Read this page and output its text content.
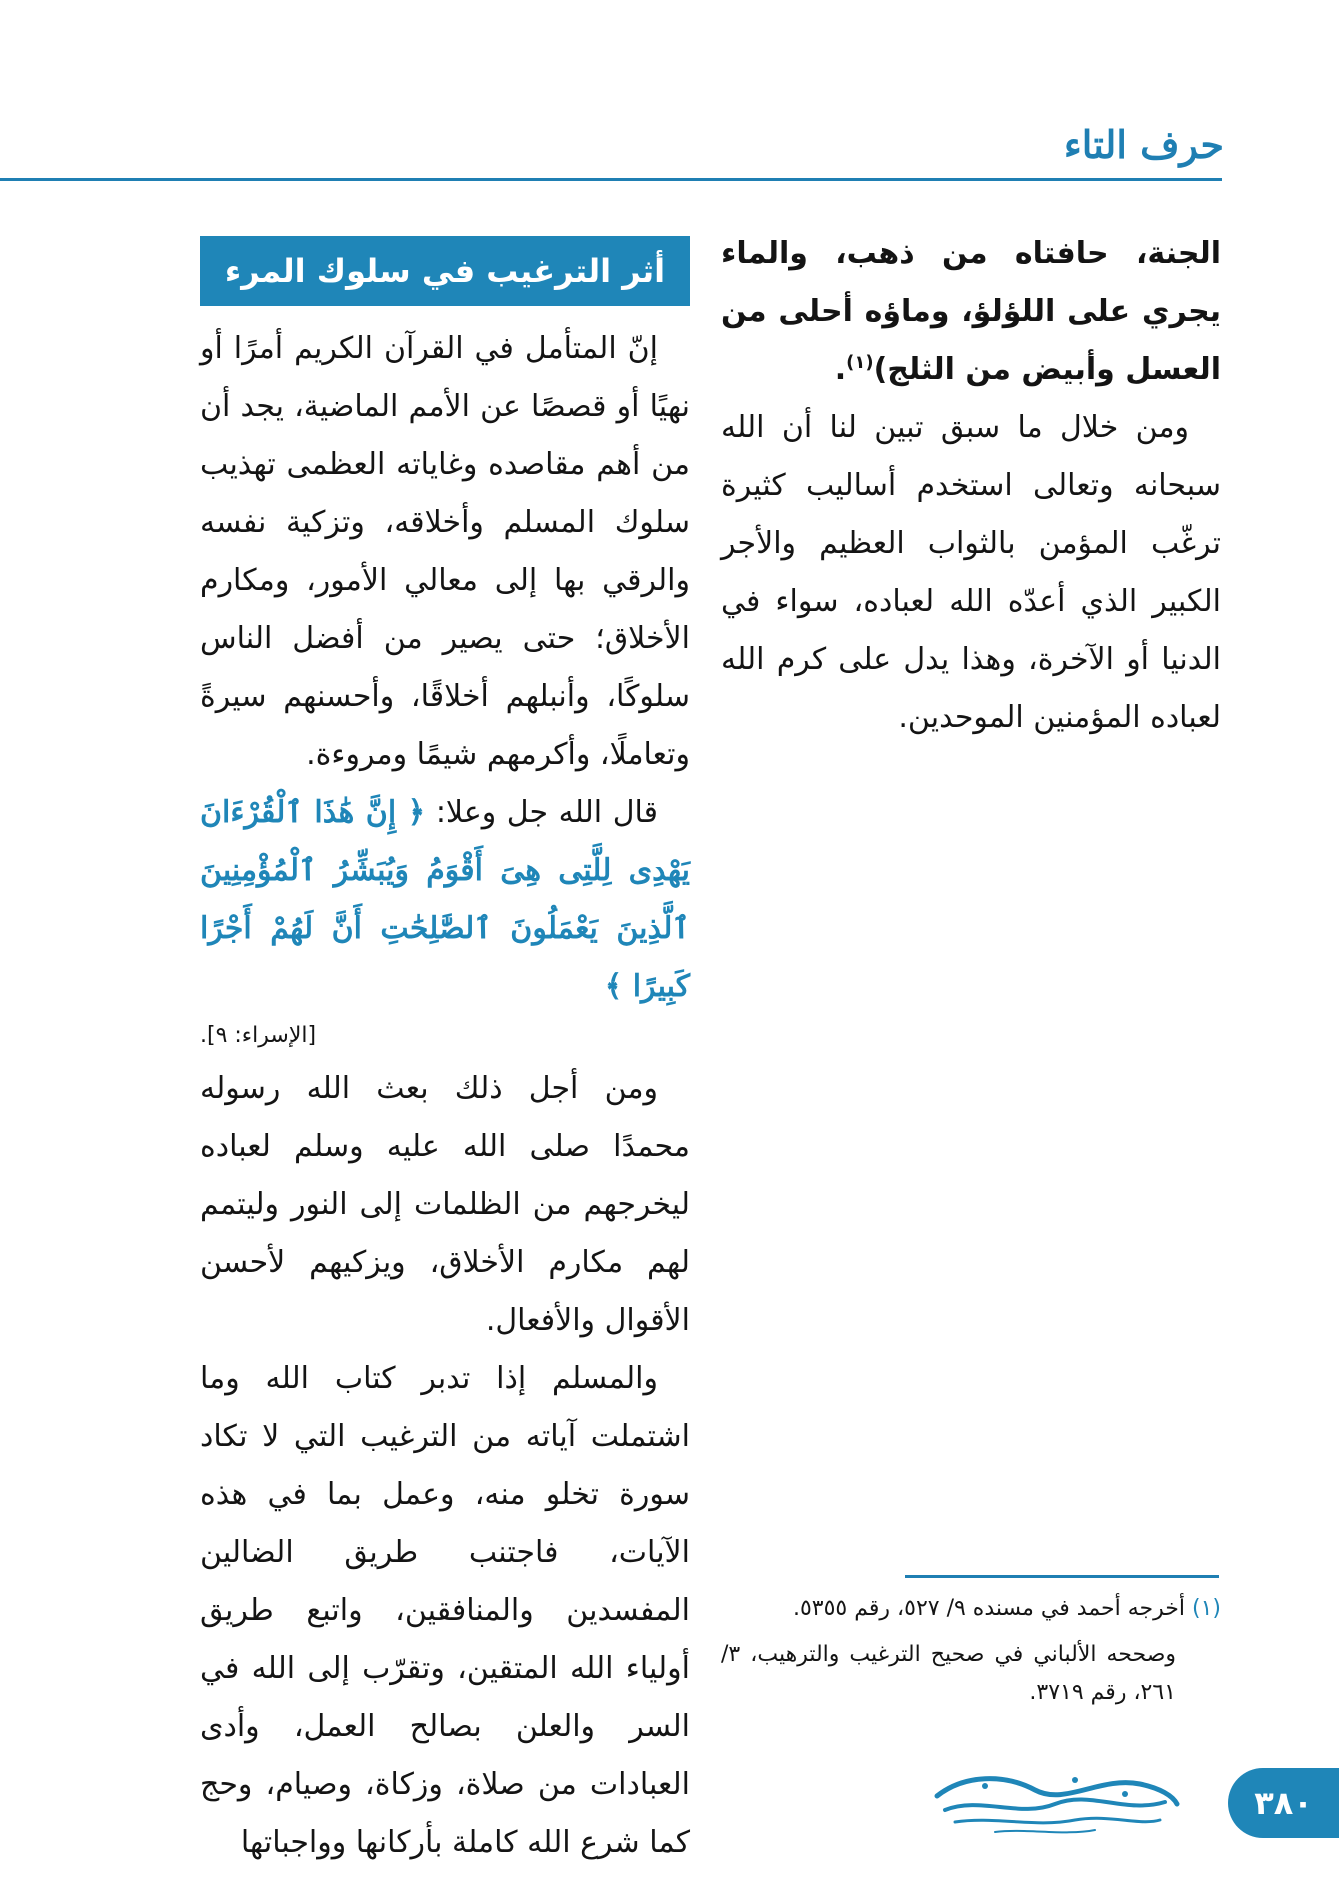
حرف التاء

الجنة، حافتاه من ذهب، والماء يجري على اللؤلؤ، وماؤه أحلى من العسل وأبيض من الثلج)$^{(١)}$.

ومن خلال ما سبق تبين لنا أن الله سبحانه وتعالى استخدم أساليب كثيرة ترغّب المؤمن بالثواب العظيم والأجر الكبير الذي أعدّه الله لعباده، سواء في الدنيا أو الآخرة، وهذا يدل على كرم الله لعباده المؤمنين الموحدين.

أثر الترغيب في سلوك المرء

إنّ المتأمل في القرآن الكريم أمرًا أو نهيًا أو قصصًا عن الأمم الماضية، يجد أن من أهم مقاصده وغاياته العظمى تهذيب سلوك المسلم وأخلاقه، وتزكية نفسه والرقي بها إلى معالي الأمور، ومكارم الأخلاق؛ حتى يصير من أفضل الناس سلوكًا، وأنبلهم أخلاقًا، وأحسنهم سيرةً وتعاملًا، وأكرمهم شيمًا ومروءة.

قال الله جل وعلا: ﴿ إِنَّ هَٰذَا ٱلْقُرْءَانَ يَهْدِى لِلَّتِى هِىَ أَقْوَمُ وَيُبَشِّرُ ٱلْمُؤْمِنِينَ ٱلَّذِينَ يَعْمَلُونَ ٱلصَّٰلِحَٰتِ أَنَّ لَهُمْ أَجْرًا كَبِيرًا ﴾

[الإسراء: ٩].

ومن أجل ذلك بعث الله رسوله محمدًا صلى الله عليه وسلم لعباده ليخرجهم من الظلمات إلى النور وليتمم لهم مكارم الأخلاق، ويزكيهم لأحسن الأقوال والأفعال.

والمسلم إذا تدبر كتاب الله وما اشتملت آياته من الترغيب التي لا تكاد سورة تخلو منه، وعمل بما في هذه الآيات، فاجتنب طريق الضالين المفسدين والمنافقين، واتبع طريق أولياء الله المتقين، وتقرّب إلى الله في السر والعلن بصالح العمل، وأدى العبادات من صلاة، وزكاة، وصيام، وحج كما شرع الله كاملة بأركانها وواجباتها

(١) أخرجه أحمد في مسنده ٩/ ٥٢٧، رقم ٥٣٥٥.

وصححه الألباني في صحيح الترغيب والترهيب، ٣/ ٢٦١، رقم ٣٧١٩.

٣٨٠
